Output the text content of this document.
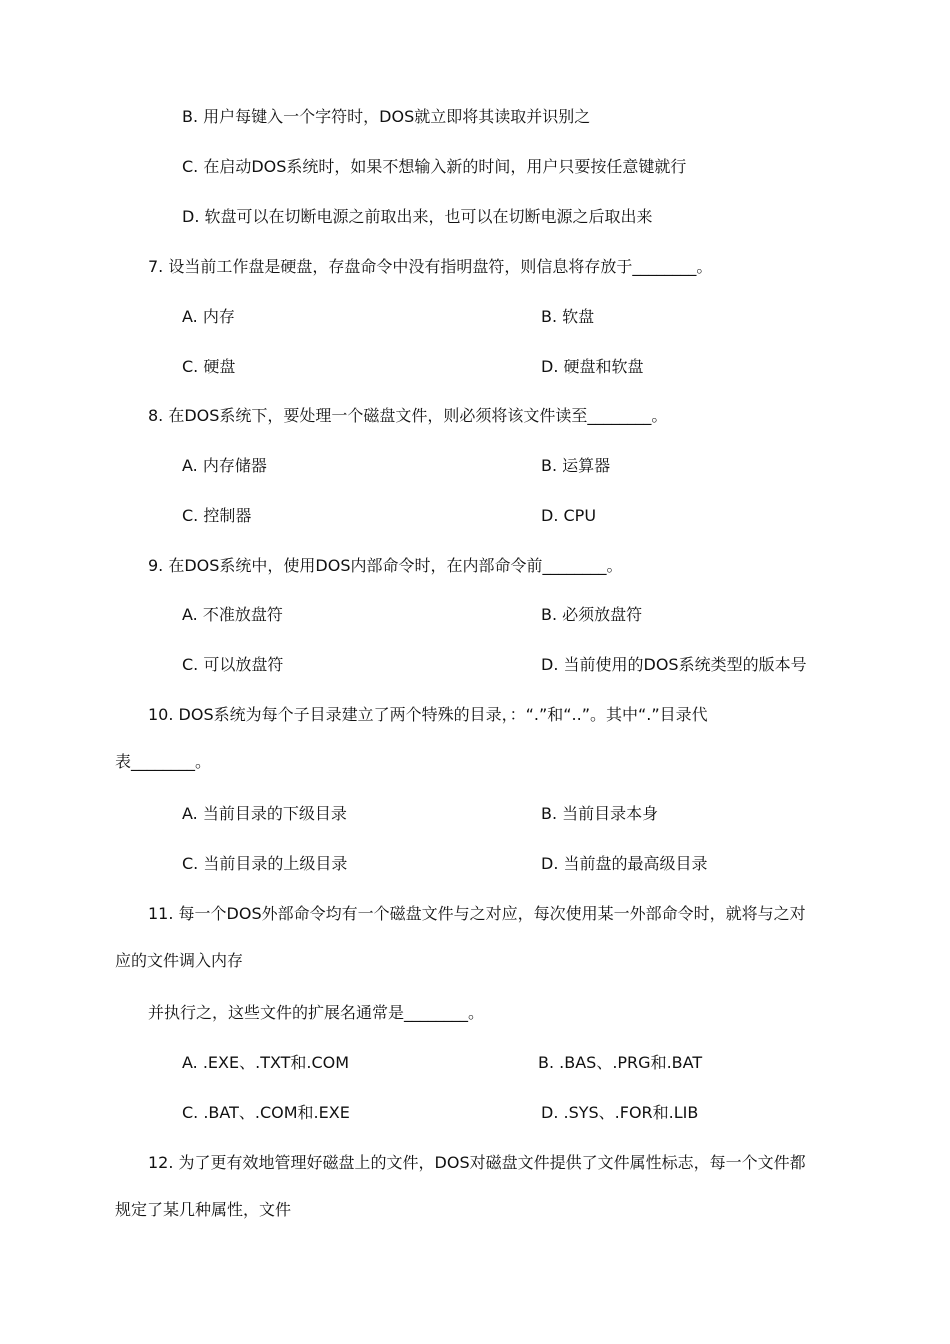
B. 用户每键入一个字符时，DOS就立即将其读取并识别之
C. 在启动DOS系统时，如果不想输入新的时间，用户只要按任意键就行
D. 软盘可以在切断电源之前取出来，也可以在切断电源之后取出来
7. 设当前工作盘是硬盘，存盘命令中没有指明盘符，则信息将存放于________。
A. 内存	B. 软盘
C. 硬盘	D. 硬盘和软盘
8. 在DOS系统下，要处理一个磁盘文件，则必须将该文件读至________。
A. 内存储器	B. 运算器
C. 控制器	D. CPU
9. 在DOS系统中，使用DOS内部命令时，在内部命令前________。
A. 不准放盘符	B. 必须放盘符
C. 可以放盘符	D. 当前使用的DOS系统类型的版本号
10. DOS系统为每个子目录建立了两个特殊的目录，：“.”和“..”。其中“.”目录代
表________。
A. 当前目录的下级目录	B. 当前目录本身
C. 当前目录的上级目录	D. 当前盘的最高级目录
11. 每一个DOS外部命令均有一个磁盘文件与之对应，每次使用某一外部命令时，就将与之对
应的文件调入内存
并执行之，这些文件的扩展名通常是________。
A. .EXE、.TXT和.COM	B. .BAS、.PRG和.BAT
C. .BAT、.COM和.EXE	D. .SYS、.FOR和.LIB
12. 为了更有效地管理好磁盘上的文件，DOS对磁盘文件提供了文件属性标志，每一个文件都
规定了某几种属性，文件
